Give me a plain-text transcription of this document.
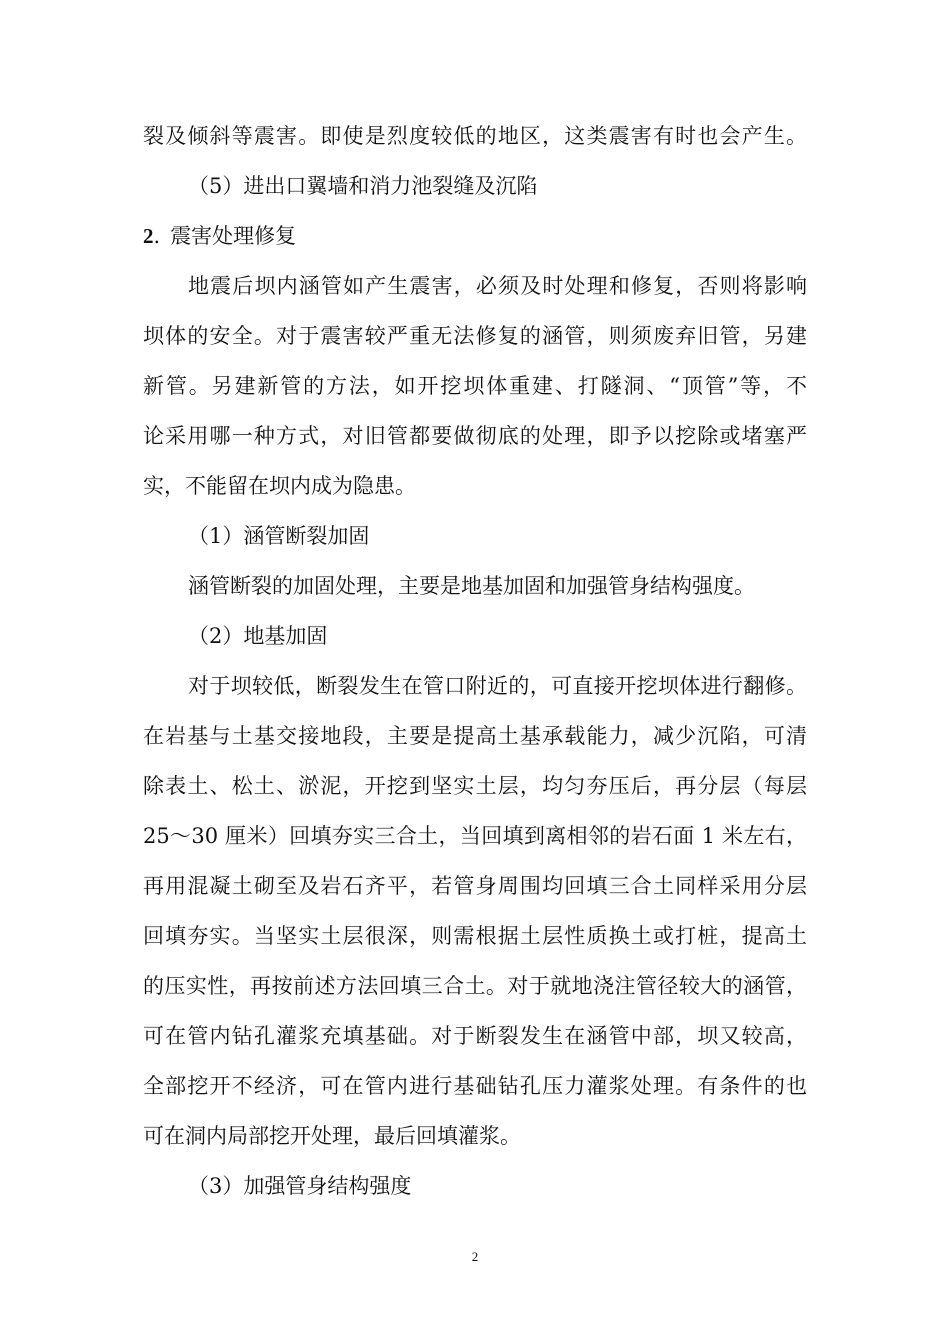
裂及倾斜等震害。即使是烈度较低的地区，这类震害有时也会产生。

（5）进出口翼墙和消力池裂缝及沉陷

2. 震害处理修复

地震后坝内涵管如产生震害，必须及时处理和修复，否则将影响

坝体的安全。对于震害较严重无法修复的涵管，则须废弃旧管，另建

新管。另建新管的方法，如开挖坝体重建、打隧洞、“顶管”等，不

论采用哪一种方式，对旧管都要做彻底的处理，即予以挖除或堵塞严

实，不能留在坝内成为隐患。

（1）涵管断裂加固

涵管断裂的加固处理，主要是地基加固和加强管身结构强度。

（2）地基加固

对于坝较低，断裂发生在管口附近的，可直接开挖坝体进行翻修。

在岩基与土基交接地段，主要是提高土基承载能力，减少沉陷，可清

除表土、松土、淤泥，开挖到坚实土层，均匀夯压后，再分层（每层

25～30 厘米）回填夯实三合土，当回填到离相邻的岩石面 1 米左右，

再用混凝土砌至及岩石齐平，若管身周围均回填三合土同样采用分层

回填夯实。当坚实土层很深，则需根据土层性质换土或打桩，提高土

的压实性，再按前述方法回填三合土。对于就地浇注管径较大的涵管，

可在管内钻孔灌浆充填基础。对于断裂发生在涵管中部，坝又较高，

全部挖开不经济，可在管内进行基础钻孔压力灌浆处理。有条件的也

可在洞内局部挖开处理，最后回填灌浆。

（3）加强管身结构强度

2
